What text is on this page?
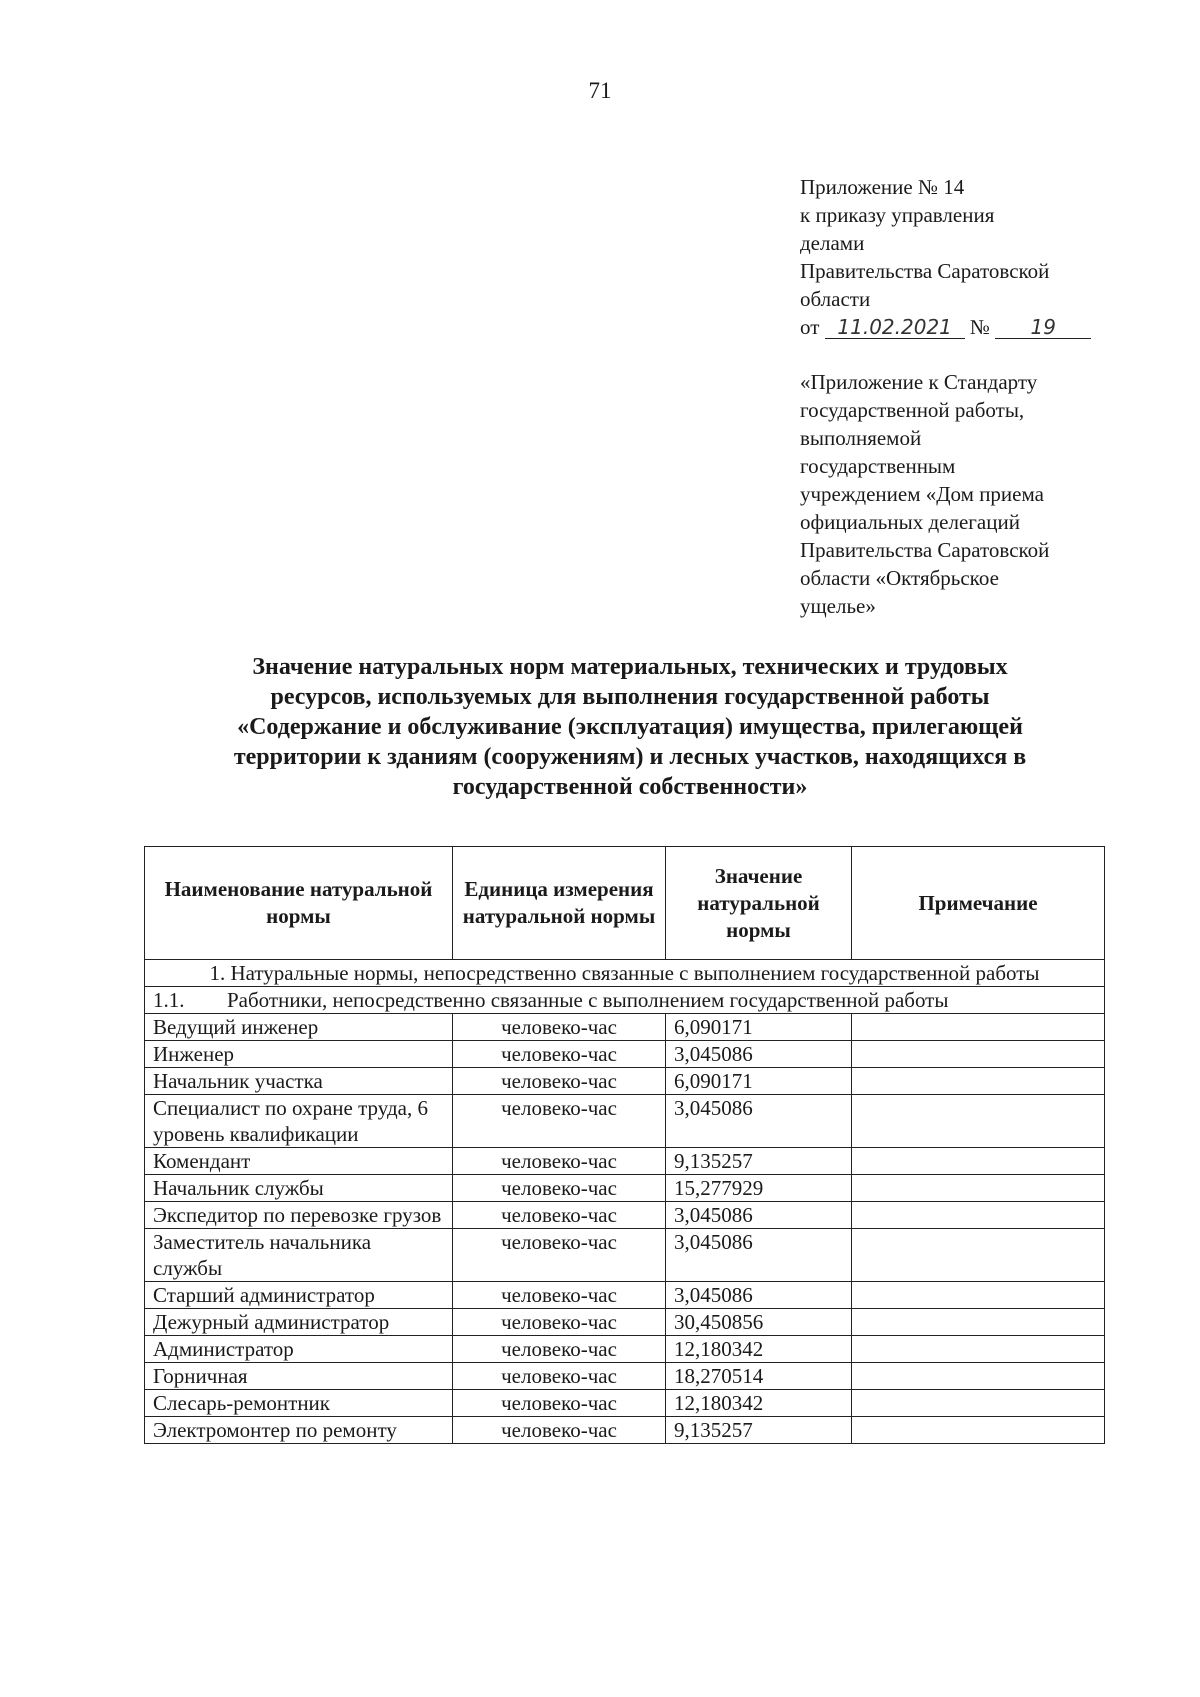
71
Приложение № 14
к приказу управления
делами
Правительства Саратовской
области
от 11.02.2021 № 19
«Приложение к Стандарту
государственной работы,
выполняемой
государственным
учреждением «Дом приема
официальных делегаций
Правительства Саратовской
области «Октябрьское
ущелье»
Значение натуральных норм материальных, технических и трудовых
ресурсов, используемых для выполнения государственной работы
«Содержание и обслуживание (эксплуатация) имущества, прилегающей
территории к зданиям (сооружениям) и лесных участков, находящихся в
государственной собственности»
Наименование натуральной нормы	Единица измерения натуральной нормы	Значение натуральной нормы	Примечание
1. Натуральные нормы, непосредственно связанные с выполнением государственной работы			
1.1. Работники, непосредственно связанные с выполнением государственной работы			
Ведущий инженер	человеко-час	6,090171	
Инженер	человеко-час	3,045086	
Начальник участка	человеко-час	6,090171	
Специалист по охране труда, 6 уровень квалификации	человеко-час	3,045086	
Комендант	человеко-час	9,135257	
Начальник службы	человеко-час	15,277929	
Экспедитор по перевозке грузов	человеко-час	3,045086	
Заместитель начальника службы	человеко-час	3,045086	
Старший администратор	человеко-час	3,045086	
Дежурный администратор	человеко-час	30,450856	
Администратор	человеко-час	12,180342	
Горничная	человеко-час	18,270514	
Слесарь-ремонтник	человеко-час	12,180342	
Электромонтер по ремонту	человеко-час	9,135257	
